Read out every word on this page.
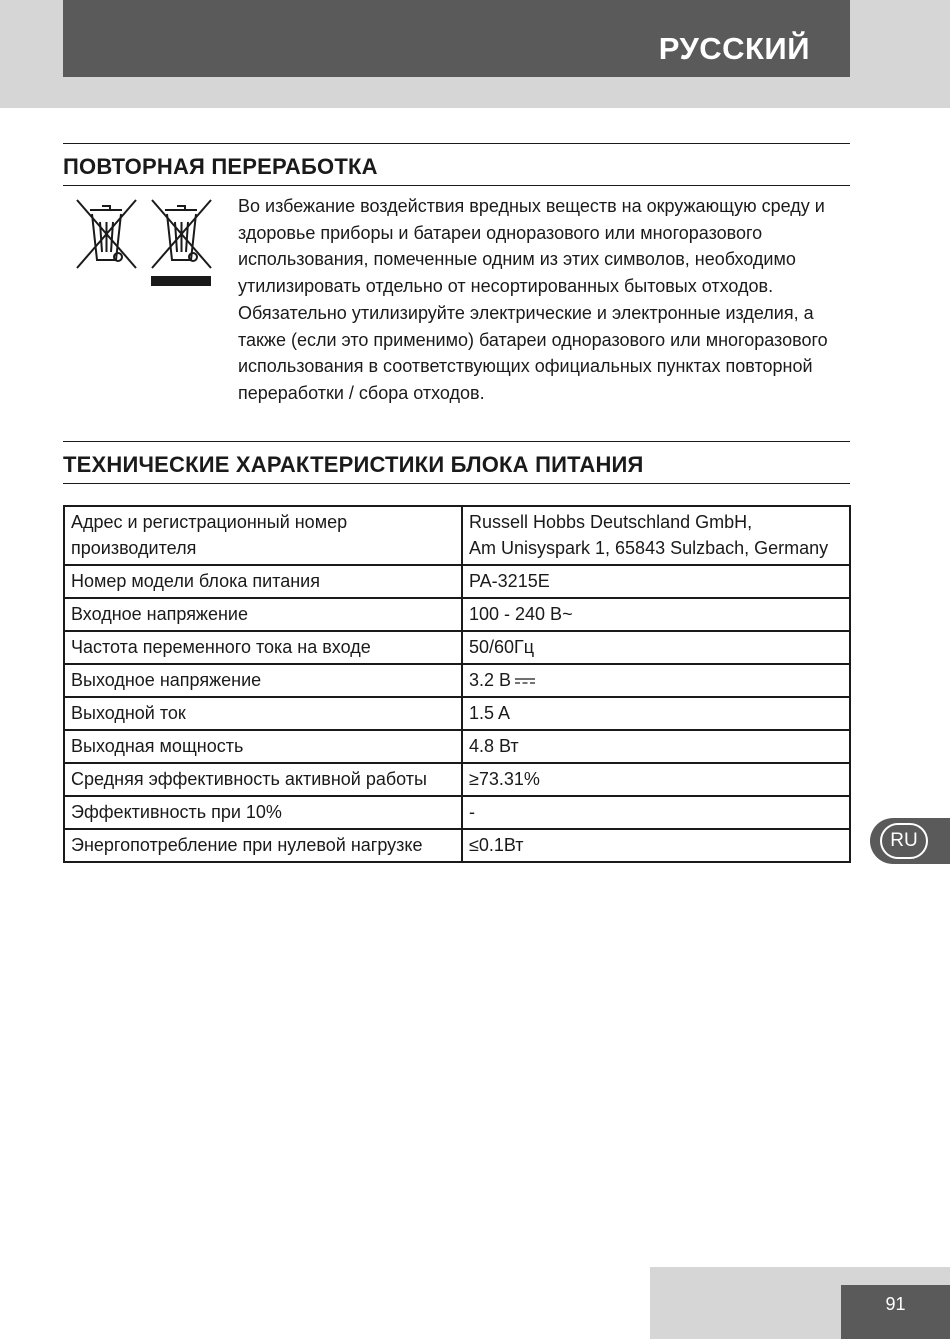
РУССКИЙ
ПОВТОРНАЯ ПЕРЕРАБОТКА

Во избежание воздействия вредных веществ на окружающую среду и здоровье приборы и батареи одноразового или многоразового использования, помеченные одним из этих символов, необходимо утилизировать отдельно от несортированных бытовых отходов. Обязательно утилизируйте электрические и электронные изделия, а также (если это применимо) батареи одноразового или многоразового использования в соответствующих официальных пунктах повторной переработки / сбора отходов.

ТЕХНИЧЕСКИЕ ХАРАКТЕРИСТИКИ БЛОКА ПИТАНИЯ
Адрес и регистрационный номер производителя	Russell Hobbs Deutschland GmbH,
Am Unisyspark 1, 65843 Sulzbach, Germany
Номер модели блока питания	PA-3215E
Входное напряжение	100 - 240 В~
Частота переменного тока на входе	50/60Гц
Выходное напряжение	3.2 В
Выходной ток	1.5 A
Выходная мощность	4.8 Вт
Средняя эффективность активной работы	≥73.31%
Эффективность при 10%	-
Энергопотребление при нулевой нагрузке	≤0.1Вт	RU
91
